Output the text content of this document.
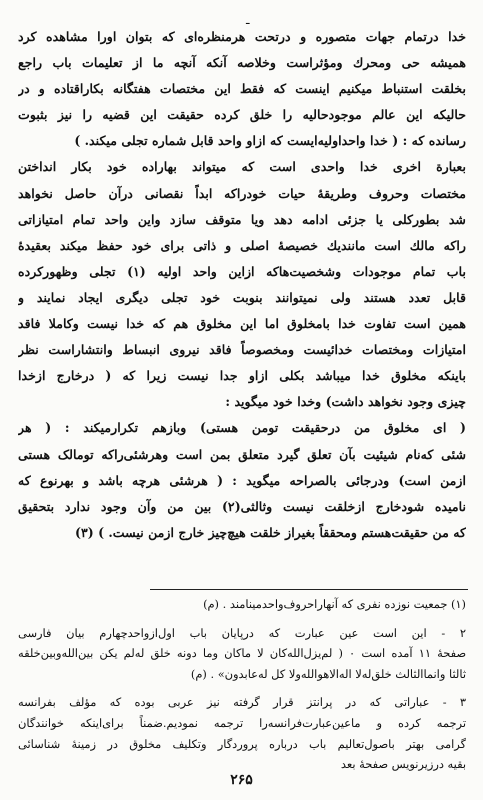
ـ
خدا درتمام جهات متصوره و درتحت هرمنظره‌ای که بتوان اورا مشاهده کرد
همیشه حی ومحرك ومؤثراست وخلاصه آنکه آنچه ما از تعلیمات باب راجع
بخلقت استنباط میکنیم اینست که فقط این مختصات هفتگانه بکاراقتاده و در
حالیکه این عالم موجودحالیه را خلق کرده حقیقت این قضیه را نیز بثبوت
رسانده که : ( خدا واحداولیه‌ایست که ازاو واحد قابل شماره تجلی میکند. )
بعبارة اخری خدا واحدی است که میتواند بهاراده خود بکار انداختن
مختصات وحروف وطریقهٔ حیات خودراکه ابداً نقصانی درآن حاصل نخواهد
شد بطورکلی یا جزئی ادامه دهد ویا متوقف سازد واین واحد تمام امتیازاتی
راکه مالك است مانندیك خصیصهٔ اصلی و ذاتی برای خود حفظ میکند بعقیدهٔ
باب تمام موجودات وشخصیت‌هاکه ازاین واحد اولیه (۱) تجلی وظهورکرده
قابل تعدد هستند ولی نمیتوانند بنوبت خود تجلی دیگری ایجاد نمایند و
همین است تفاوت خدا بامخلوق اما این مخلوق هم که خدا نیست وکاملا فاقد
امتیازات ومختصات خدائیست ومخصوصاً فاقد نیروی انبساط وانتشاراست نظر
باینکه مخلوق خدا میباشد بکلی ازاو جدا نیست زیرا که ( درخارج ازخدا
چیزی وجود نخواهد داشت) وخدا خود میگوید :
( ای مخلوق من درحقیقت تومن هستی) وبازهم تکرارمیکند : ( هر
شئی که‌نام شیئیت بآن تعلق گیرد متعلق بمن است وهرشئی‌راکه تومالک هستی
ازمن است) ودرجائی بالصراحه میگوید : ( هرشئی هرچه باشد و بهرنوع که
نامیده شودخارج ازخلقت نیست وثالثی(۲) بین من وآن وجود ندارد بتحقیق
که من حقیقت‌هستم ومحققاً بغیراز خلقت هیچ‌چیز خارج ازمن نیست. ) (۳)
(۱) جمعیت نوزده نفری که آنهاراحروف‌واحدمینامند . (م)
۲ - این است عین عبارت که درپایان باب اول‌ازواحدچهارم بیان فارسی
صفحهٔ ۱۱ آمده است ۰ ( لم‌یزل‌الله‌کان لا ماکان وما دونه خلق له‌لم یکن بین‌الله‌وبین‌خلقه
ثالثا وانما‌الثالث خلق‌له‌لا اله‌الاهوالله‌ولا کل له‌عابدون» . (م)
۳ - عباراتی که در پرانتز قرار گرفته نیز عربی بوده که مؤلف بفرانسه
ترجمه کرده و ماعین‌عبارت‌فرانسه‌را ترجمه نمودیم.ضمناً برای‌اینکه خوانندگان
گرامی بهتر باصول‌تعالیم باب درباره پروردگار وتکلیف مخلوق در زمینهٔ شناسائی
بقیه درزیرنویس صفحهٔ بعد
۲۶۵
